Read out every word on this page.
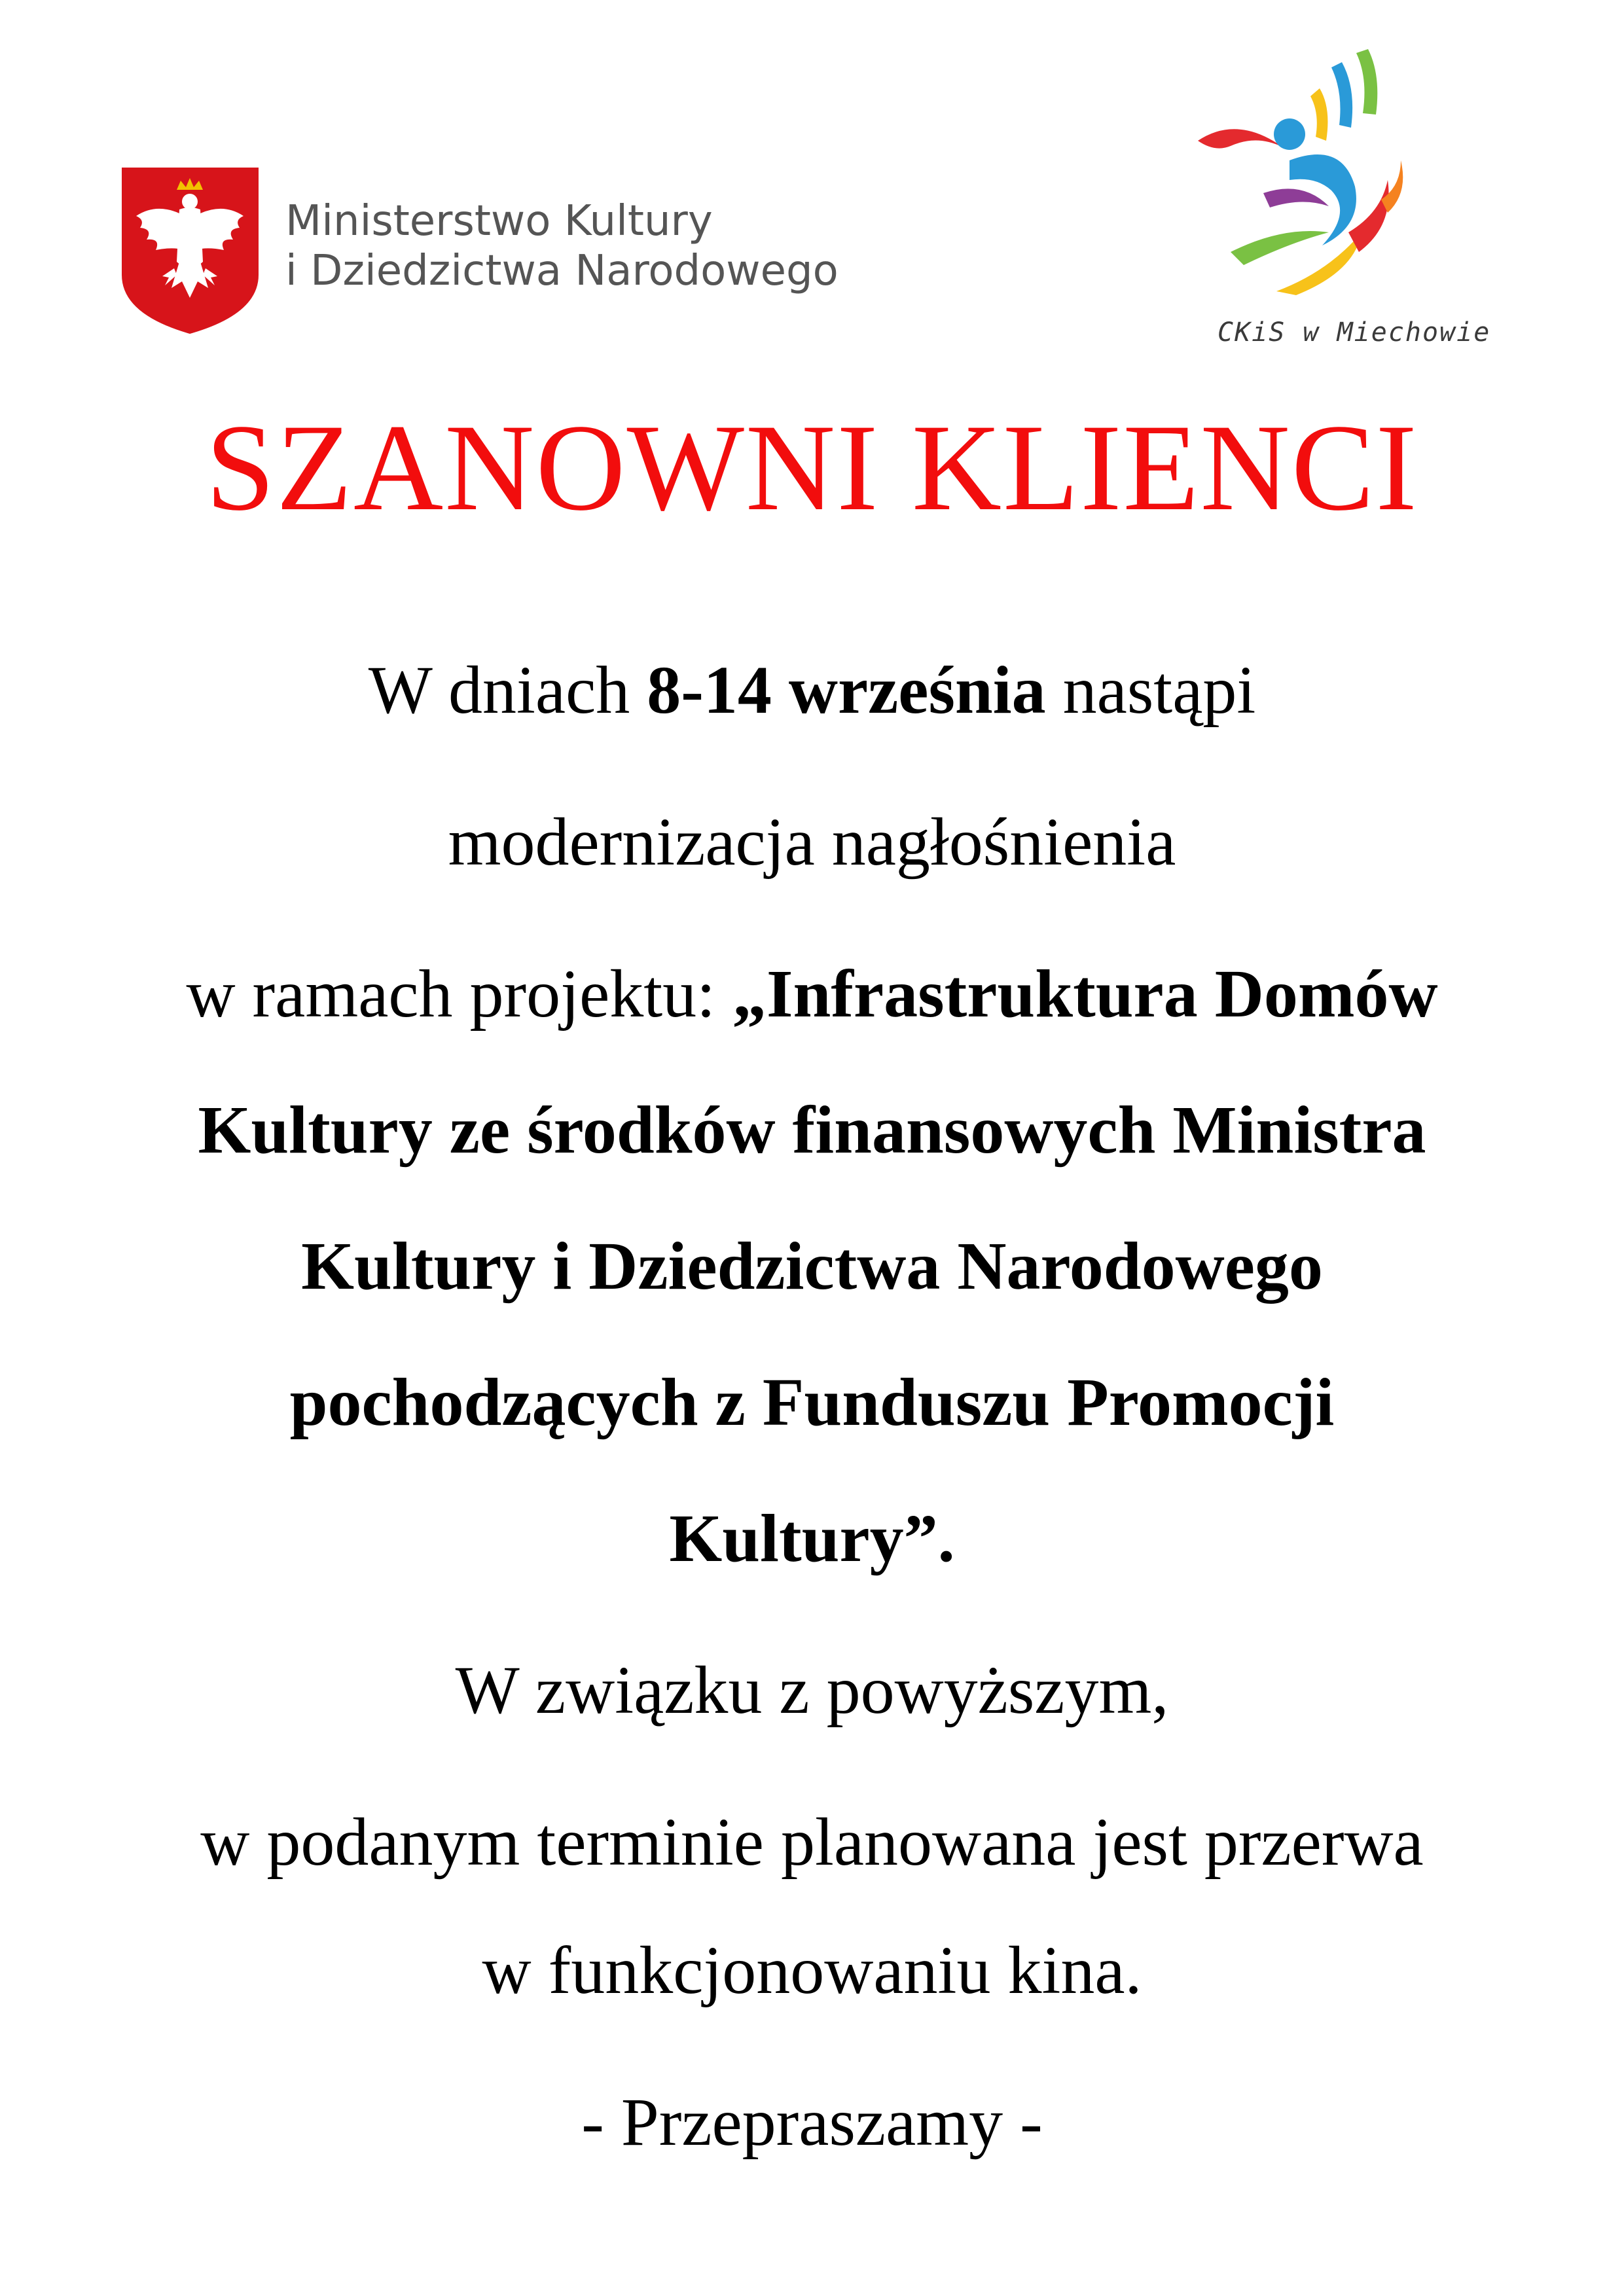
Ministerstwo Kultury
i Dziedzictwa Narodowego
CKiS w Miechowie
SZANOWNI KLIENCI
W dniach 8-14 września nastąpi
modernizacja nagłośnienia
w ramach projektu: „Infrastruktura Domów
Kultury ze środków finansowych Ministra
Kultury i Dziedzictwa Narodowego
pochodzących z Funduszu Promocji
Kultury”.
W związku z powyższym,
w podanym terminie planowana jest przerwa
w funkcjonowaniu kina.
- Przepraszamy -
